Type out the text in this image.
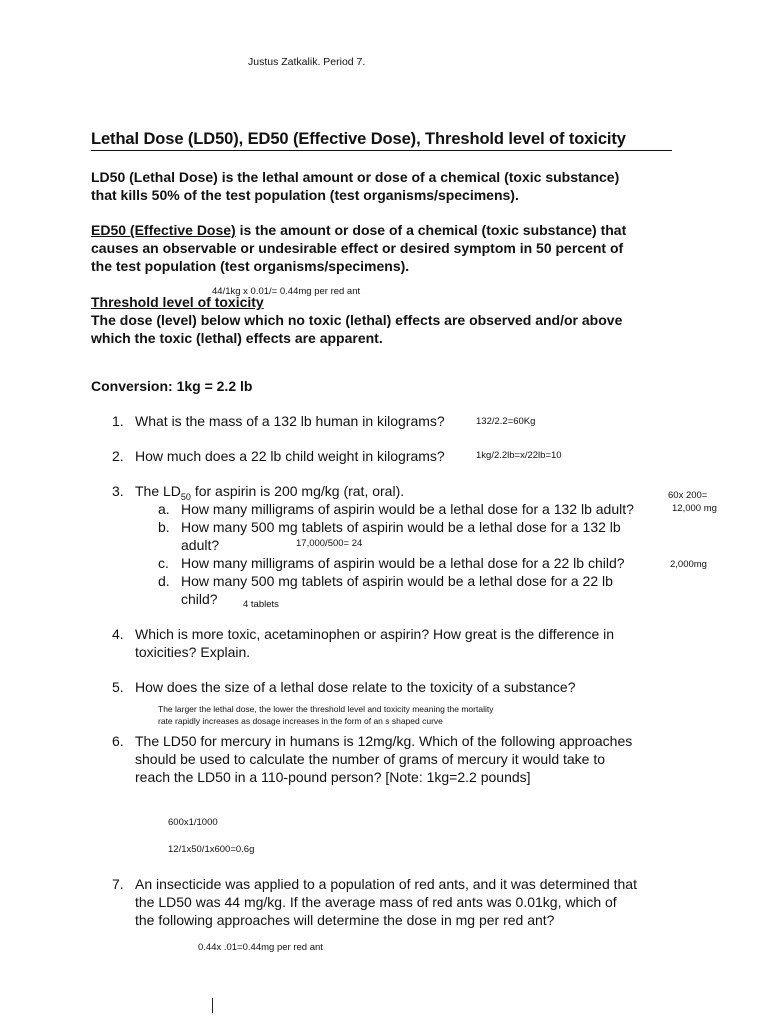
Justus Zatkalik. Period 7.
Lethal Dose (LD50), ED50 (Effective Dose), Threshold level of toxicity
LD50 (Lethal Dose) is the lethal amount or dose of a chemical (toxic substance)
that kills 50% of the test population (test organisms/specimens).
ED50 (Effective Dose) is the amount or dose of a chemical (toxic substance) that
causes an observable or undesirable effect or desired symptom in 50 percent of
the test population (test organisms/specimens).
44/1kg x 0.01/= 0.44mg per red ant
Threshold level of toxicity
The dose (level) below which no toxic (lethal) effects are observed and/or above
which the toxic (lethal) effects are apparent.
Conversion: 1kg = 2.2 lb
1. What is the mass of a 132 lb human in kilograms?	132/2.2=60Kg
2. How much does a 22 lb child weight in kilograms?	1kg/2.2lb=x/22lb=10
3. The $LD_{50}$ for aspirin is 200 mg/kg (rat, oral).	60x 200=
a. How many milligrams of aspirin would be a lethal dose for a 132 lb adult?	12,000 mg
b. How many 500 mg tablets of aspirin would be a lethal dose for a 132 lb
adult?	17,000/500= 24
c. How many milligrams of aspirin would be a lethal dose for a 22 lb child?	2,000mg
d. How many 500 mg tablets of aspirin would be a lethal dose for a 22 lb
child?	4 tablets
4. Which is more toxic, acetaminophen or aspirin? How great is the difference in
toxicities? Explain.
5. How does the size of a lethal dose relate to the toxicity of a substance?
The larger the lethal dose, the lower the threshold level and toxicity meaning the mortality
rate rapidly increases as dosage increases in the form of an s shaped curve
6. The LD50 for mercury in humans is 12mg/kg. Which of the following approaches
should be used to calculate the number of grams of mercury it would take to
reach the LD50 in a 110-pound person? [Note: 1kg=2.2 pounds]
600x1/1000
12/1x50/1x600=0.6g
7. An insecticide was applied to a population of red ants, and it was determined that
the LD50 was 44 mg/kg. If the average mass of red ants was 0.01kg, which of
the following approaches will determine the dose in mg per red ant?
0.44x .01=0.44mg per red ant
